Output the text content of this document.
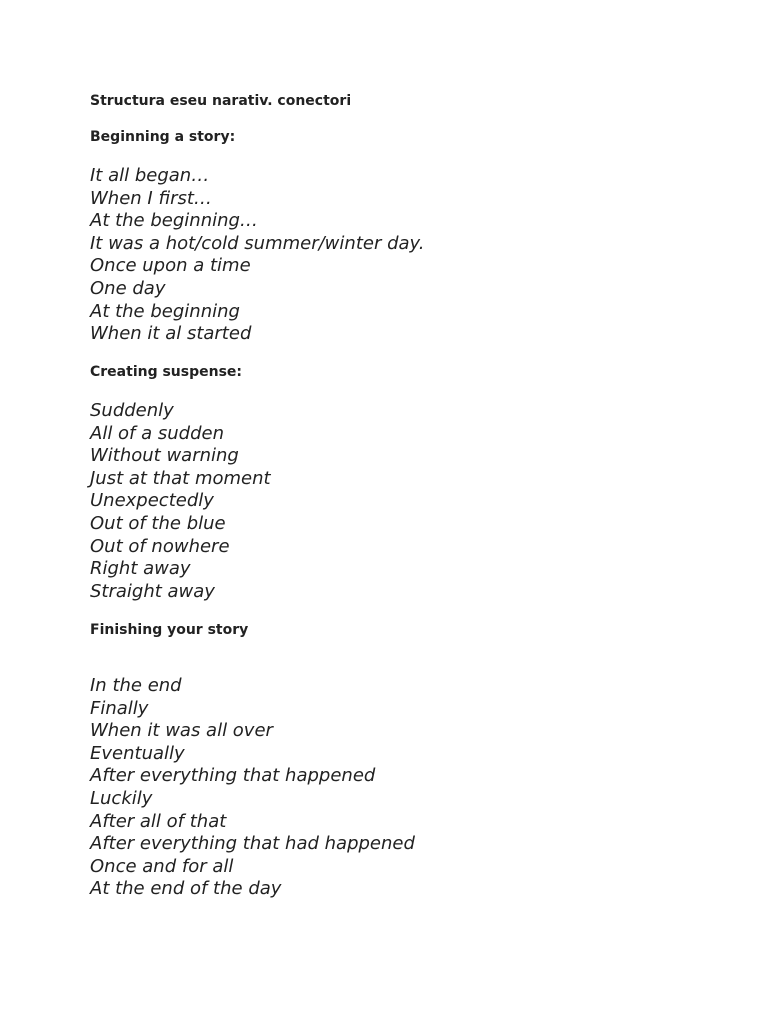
Structura eseu narativ. conectori
Beginning a story:
It all began…
When I first…
At the beginning…
It was a hot/cold summer/winter day.
Once upon a time
One day
At the beginning
When it al started
Creating suspense:
Suddenly
All of a sudden
Without warning
Just at that moment
Unexpectedly
Out of the blue
Out of nowhere
Right away
Straight away
Finishing your story
In the end
Finally
When it was all over
Eventually
After everything that happened
Luckily
After all of that
After everything that had happened
Once and for all
At the end of the day
